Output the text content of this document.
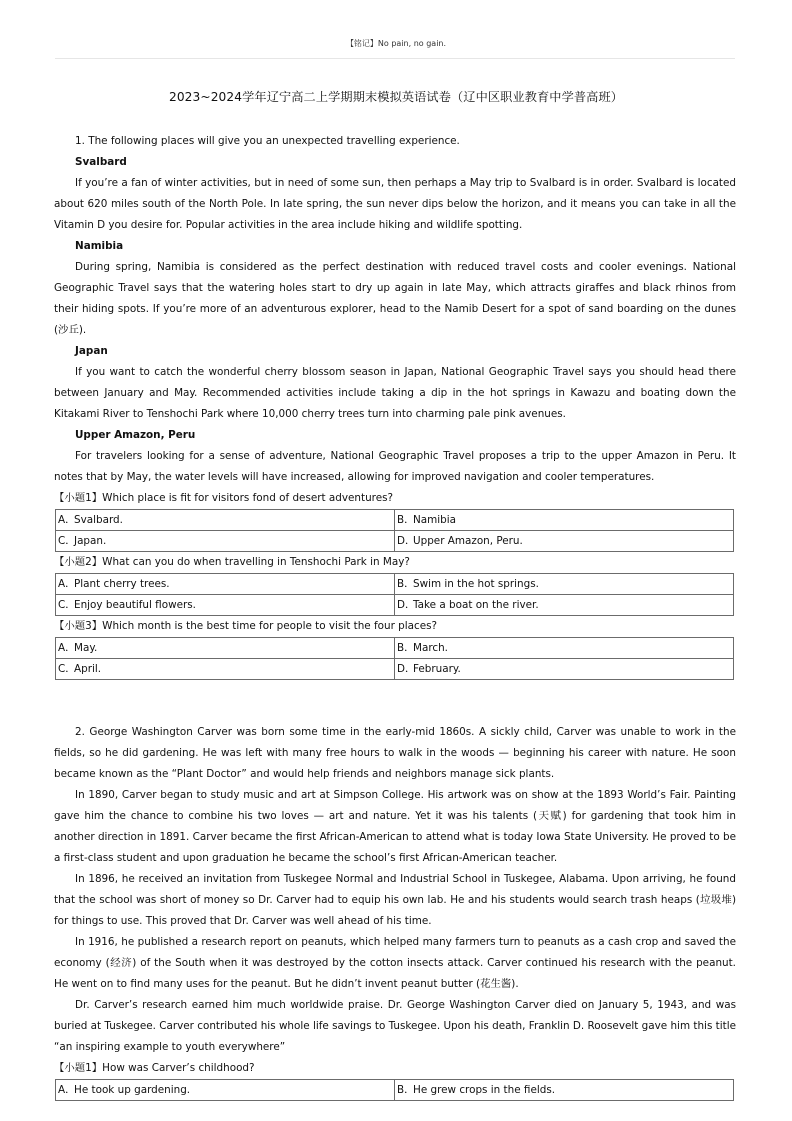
【铭记】No pain, no gain.
2023~2024学年辽宁高二上学期期末模拟英语试卷（辽中区职业教育中学普高班）

1. The following places will give you an unexpected travelling experience.

Svalbard

If you’re a fan of winter activities, but in need of some sun, then perhaps a May trip to Svalbard is in order. Svalbard is located about 620 miles south of the North Pole. In late spring, the sun never dips below the horizon, and it means you can take in all the Vitamin D you desire for. Popular activities in the area include hiking and wildlife spotting.

Namibia

During spring, Namibia is considered as the perfect destination with reduced travel costs and cooler evenings. National Geographic Travel says that the watering holes start to dry up again in late May, which attracts giraffes and black rhinos from their hiding spots. If you’re more of an adventurous explorer, head to the Namib Desert for a spot of sand boarding on the dunes (沙丘).

Japan

If you want to catch the wonderful cherry blossom season in Japan, National Geographic Travel says you should head there between January and May. Recommended activities include taking a dip in the hot springs in Kawazu and boating down the Kitakami River to Tenshochi Park where 10,000 cherry trees turn into charming pale pink avenues.

Upper Amazon, Peru

For travelers looking for a sense of adventure, National Geographic Travel proposes a trip to the upper Amazon in Peru. It notes that by May, the water levels will have increased, allowing for improved navigation and cooler temperatures.

【小题1】Which place is fit for visitors fond of desert adventures?

A．Svalbard.	B．Namibia
C．Japan.	D．Upper Amazon, Peru.

【小题2】What can you do when travelling in Tenshochi Park in May?

A．Plant cherry trees.	B．Swim in the hot springs.
C．Enjoy beautiful flowers.	D．Take a boat on the river.

【小题3】Which month is the best time for people to visit the four places?

A．May.	B．March.
C．April.	D．February.

2. George Washington Carver was born some time in the early-mid 1860s. A sickly child, Carver was unable to work in the fields, so he did gardening. He was left with many free hours to walk in the woods — beginning his career with nature. He soon became known as the “Plant Doctor” and would help friends and neighbors manage sick plants.

In 1890, Carver began to study music and art at Simpson College. His artwork was on show at the 1893 World’s Fair. Painting gave him the chance to combine his two loves — art and nature. Yet it was his talents (天赋) for gardening that took him in another direction in 1891. Carver became the first African-American to attend what is today Iowa State University. He proved to be a first-class student and upon graduation he became the school’s first African-American teacher.

In 1896, he received an invitation from Tuskegee Normal and Industrial School in Tuskegee, Alabama. Upon arriving, he found that the school was short of money so Dr. Carver had to equip his own lab. He and his students would search trash heaps (垃圾堆) for things to use. This proved that Dr. Carver was well ahead of his time.

In 1916, he published a research report on peanuts, which helped many farmers turn to peanuts as a cash crop and saved the economy (经济) of the South when it was destroyed by the cotton insects attack. Carver continued his research with the peanut. He went on to find many uses for the peanut. But he didn’t invent peanut butter (花生酱).

Dr. Carver’s research earned him much worldwide praise. Dr. George Washington Carver died on January 5, 1943, and was buried at Tuskegee. Carver contributed his whole life savings to Tuskegee. Upon his death, Franklin D. Roosevelt gave him this title “an inspiring example to youth everywhere”

【小题1】How was Carver’s childhood?

A．He took up gardening.	B．He grew crops in the fields.
